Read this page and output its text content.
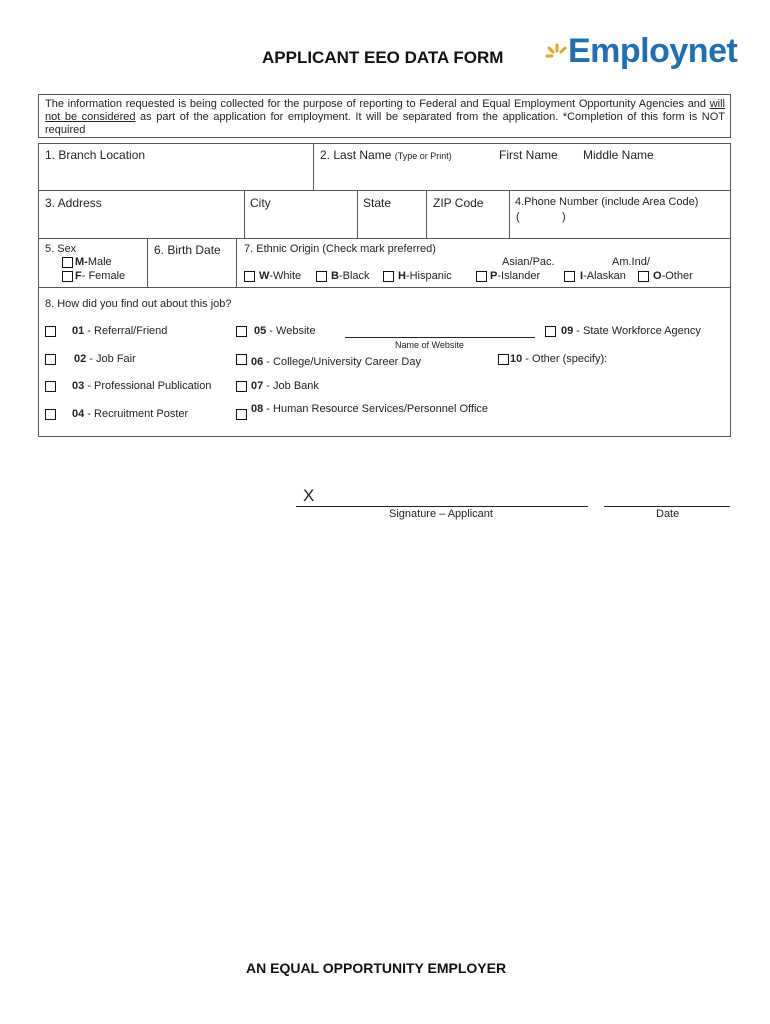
APPLICANT EEO DATA FORM Employnet
The information requested is being collected for the purpose of reporting to Federal and Equal Employment Opportunity Agencies and will not be considered as part of the application for employment. It will be separated from the application. *Completion of this form is NOT required
1. Branch Location	2. Last Name (Type or Print)	First Name Middle Name
3. Address	City	State	ZIP Code	4.Phone Number (include Area Code)
(	)
5. Sex
M-Male
F- Female
6. Birth Date 7. Ethnic Origin (Check mark preferred)
Asian/Pac.	Am.Ind/
W-White	B-Black	H-Hispanic	P-Islander	I-Alaskan O-Other
8. How did you find out about this job?
01 - Referral/Friend
02 - Job Fair
03 - Professional Publication
04 - Recruitment Poster
05 - Website
Name of Website
06 - College/University Career Day
07 - Job Bank
08 - Human Resource Services/Personnel Office
09 - State Workforce Agency
10 - Other (specify):
X
Signature – Applicant	Date
AN EQUAL OPPORTUNITY EMPLOYER
